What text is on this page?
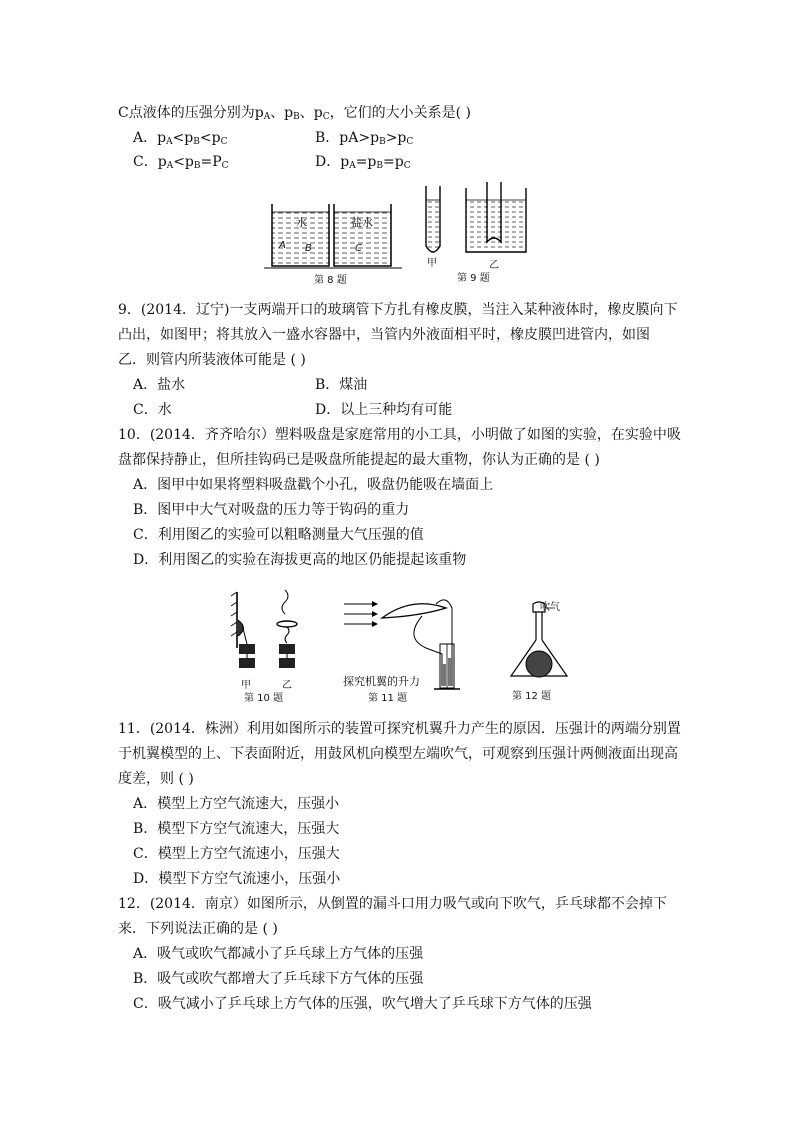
C点液体的压强分别为$p_A$、$p_B$、$p_C$，它们的大小关系是( )
A．$p_A<p_B<p_C$	B．$pA>p_B>p_C$
C．$p_A<p_B=P_C$	D．$p_A=p_B=p_C$
水	盐水
A B	C
第 8 题
甲	乙
第 9 题
9．(2014．辽宁)一支两端开口的玻璃管下方扎有橡皮膜，当注入某种液体时，橡皮膜向下
凸出，如图甲；将其放入一盛水容器中，当管内外液面相平时，橡皮膜凹进管内，如图
乙．则管内所装液体可能是 ( )
A．盐水	B．煤油
C．水	D．以上三种均有可能
10．(2014．齐齐哈尔）塑料吸盘是家庭常用的小工具，小明做了如图的实验，在实验中吸
盘都保持静止，但所挂钩码已是吸盘所能提起的最大重物，你认为正确的是 ( )
A．图甲中如果将塑料吸盘戳个小孔，吸盘仍能吸在墙面上
B．图甲中大气对吸盘的压力等于钩码的重力
C．利用图乙的实验可以粗略测量大气压强的值
D．利用图乙的实验在海拔更高的地区仍能提起该重物
甲	乙
第 10 题
探究机翼的升力
第 11 题
吹气
第 12 题
11．(2014．株洲）利用如图所示的装置可探究机翼升力产生的原因．压强计的两端分别置
于机翼模型的上、下表面附近，用鼓风机向模型左端吹气，可观察到压强计两侧液面出现高
度差，则 ( )
A．模型上方空气流速大，压强小
B．模型下方空气流速大，压强大
C．模型上方空气流速小，压强大
D．模型下方空气流速小，压强小
12．(2014．南京）如图所示，从倒置的漏斗口用力吸气或向下吹气，乒乓球都不会掉下
来．下列说法正确的是 ( )
A．吸气或吹气都减小了乒乓球上方气体的压强
B．吸气或吹气都增大了乒乓球下方气体的压强
C．吸气减小了乒乓球上方气体的压强，吹气增大了乒乓球下方气体的压强
